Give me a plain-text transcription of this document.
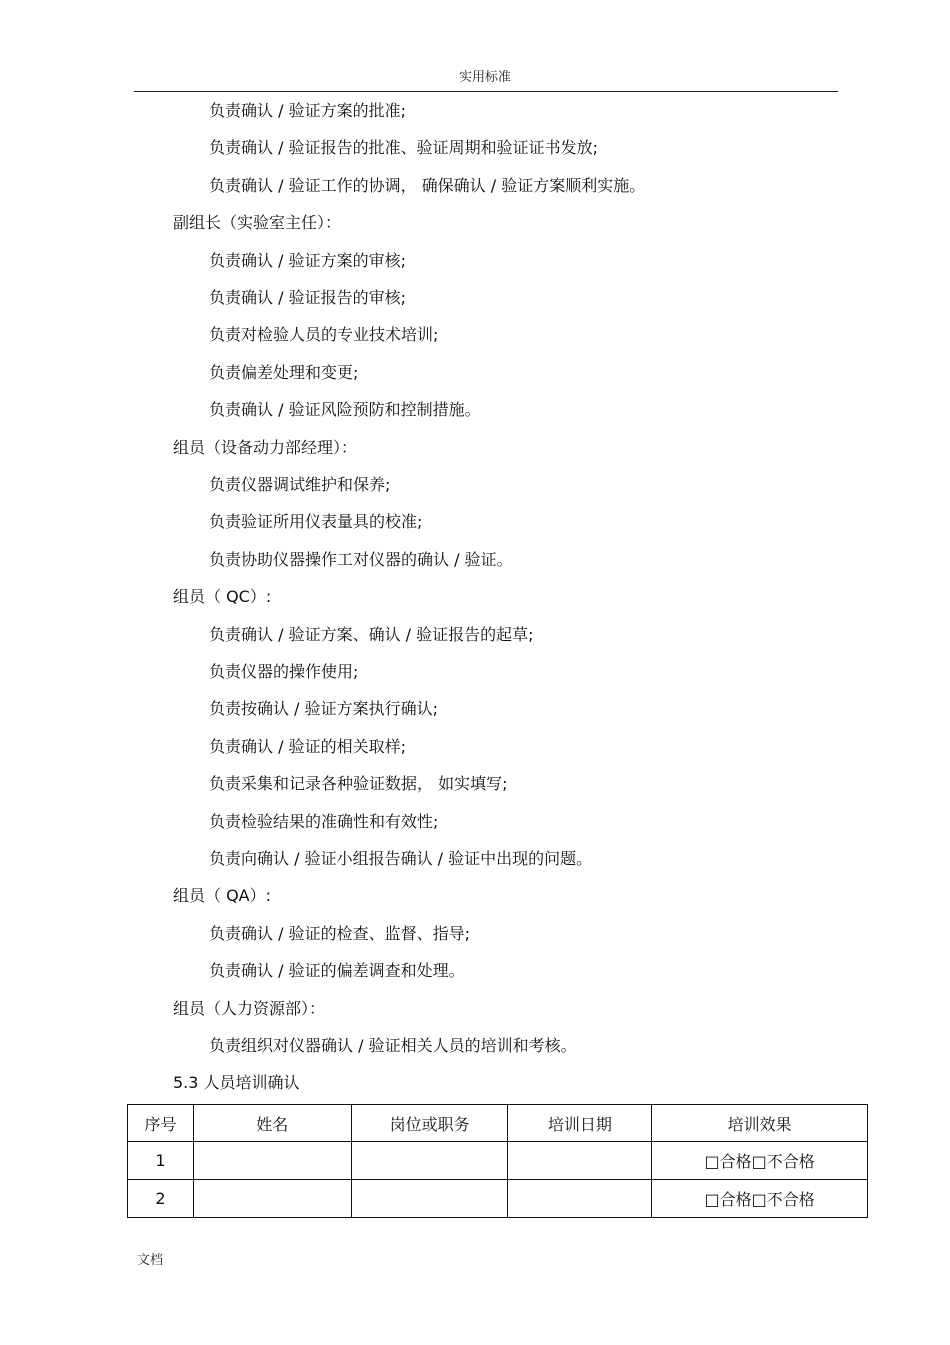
实用标准
负责确认 / 验证方案的批准;
负责确认 / 验证报告的批准、验证周期和验证证书发放;
负责确认 / 验证工作的协调， 确保确认 / 验证方案顺利实施。
副组长（实验室主任）：
负责确认 / 验证方案的审核;
负责确认 / 验证报告的审核;
负责对检验人员的专业技术培训;
负责偏差处理和变更;
负责确认 / 验证风险预防和控制措施。
组员（设备动力部经理）：
负责仪器调试维护和保养;
负责验证所用仪表量具的校准;
负责协助仪器操作工对仪器的确认 / 验证。
组员（ QC）:
负责确认 / 验证方案、确认 / 验证报告的起草;
负责仪器的操作使用;
负责按确认 / 验证方案执行确认;
负责确认 / 验证的相关取样;
负责采集和记录各种验证数据， 如实填写;
负责检验结果的准确性和有效性;
负责向确认 / 验证小组报告确认 / 验证中出现的问题。
组员（ QA）:
负责确认 / 验证的检查、监督、指导;
负责确认 / 验证的偏差调查和处理。
组员（人力资源部）：
负责组织对仪器确认 / 验证相关人员的培训和考核。
5.3 人员培训确认
序号	姓名	岗位或职务	培训日期	培训效果
1				□合格□不合格
2				□合格□不合格
文档
